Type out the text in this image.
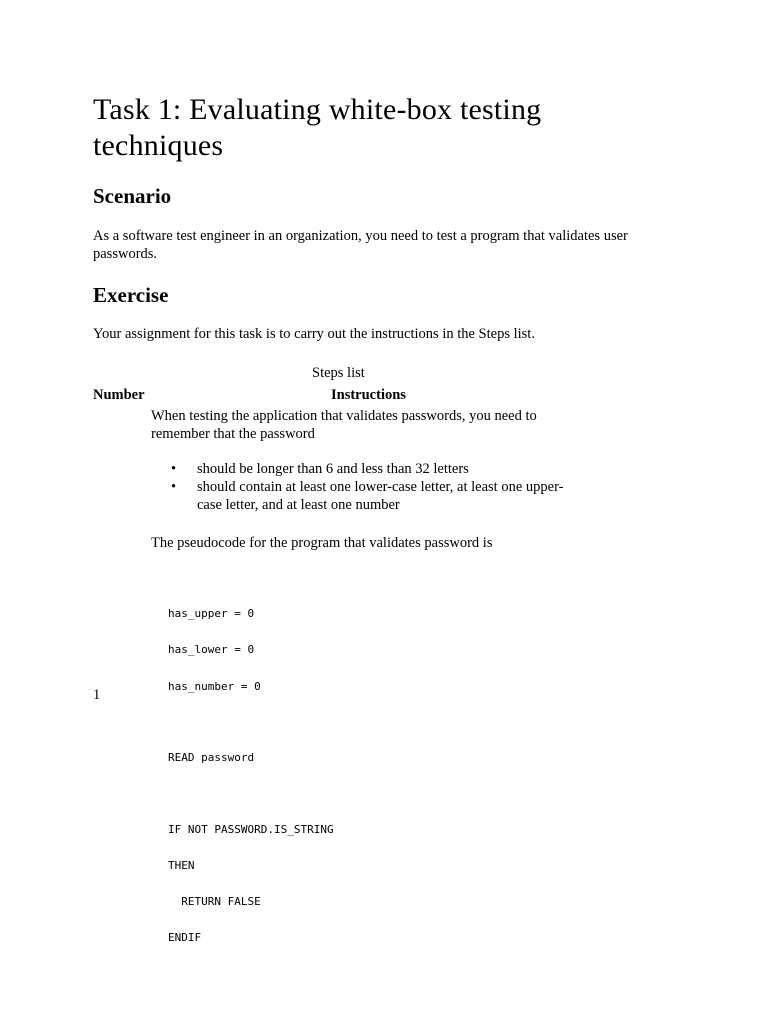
Task 1: Evaluating white-box testing techniques
Scenario

As a software test engineer in an organization, you need to test a program that validates user passwords.

Exercise

Your assignment for this task is to carry out the instructions in the Steps list.

Steps list
Number	Instructions

When testing the application that validates passwords, you need to remember that the password

• should be longer than 6 and less than 32 letters
• should contain at least one lower-case letter, at least one upper-case letter, and at least one number

The pseudocode for the program that validates password is

1
has_upper = 0
has_lower = 0
has_number = 0
READ password
IF NOT PASSWORD.IS_STRING
THEN
RETURN FALSE
ENDIF
